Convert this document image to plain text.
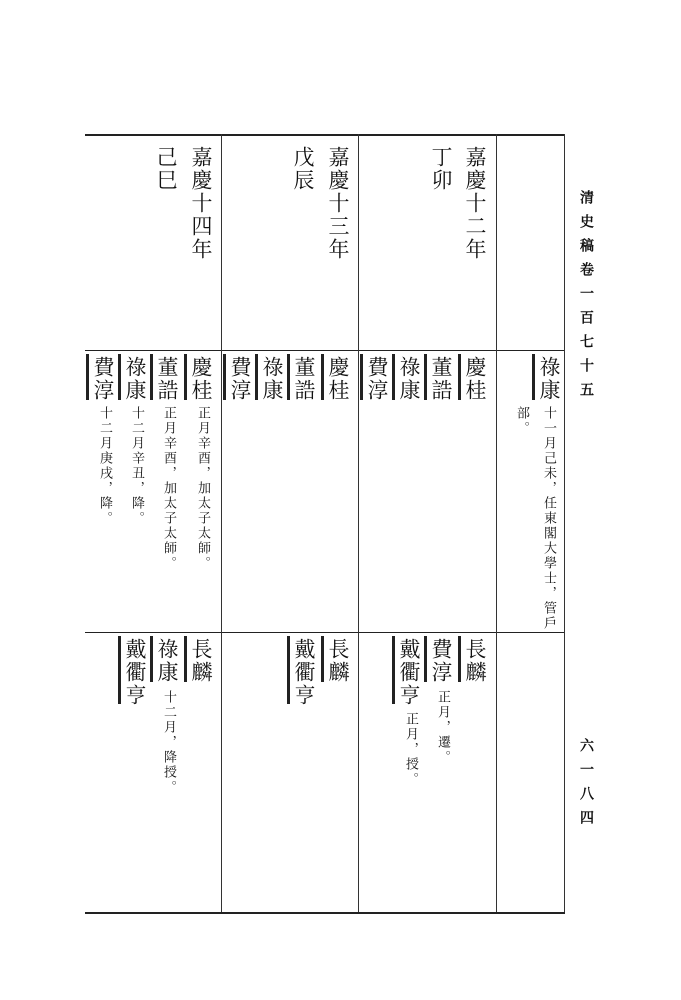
清史稿卷一百七十五
六一八四
祿康
十一月己未，任東閣大學士，管戶
部。
嘉慶十二年
丁卯
慶桂
董誥
祿康
費淳
長麟
費淳
正月，遷。
戴衢亨
正月，授。
嘉慶十三年
戊辰
慶桂
董誥
祿康
費淳
長麟
戴衢亨
嘉慶十四年
己巳
慶桂
正月辛酉，加太子太師。
董誥
正月辛酉，加太子太師。
祿康
十二月辛丑，降。
費淳
十二月庚戌，降。
長麟
祿康
十二月，降授。
戴衢亨
